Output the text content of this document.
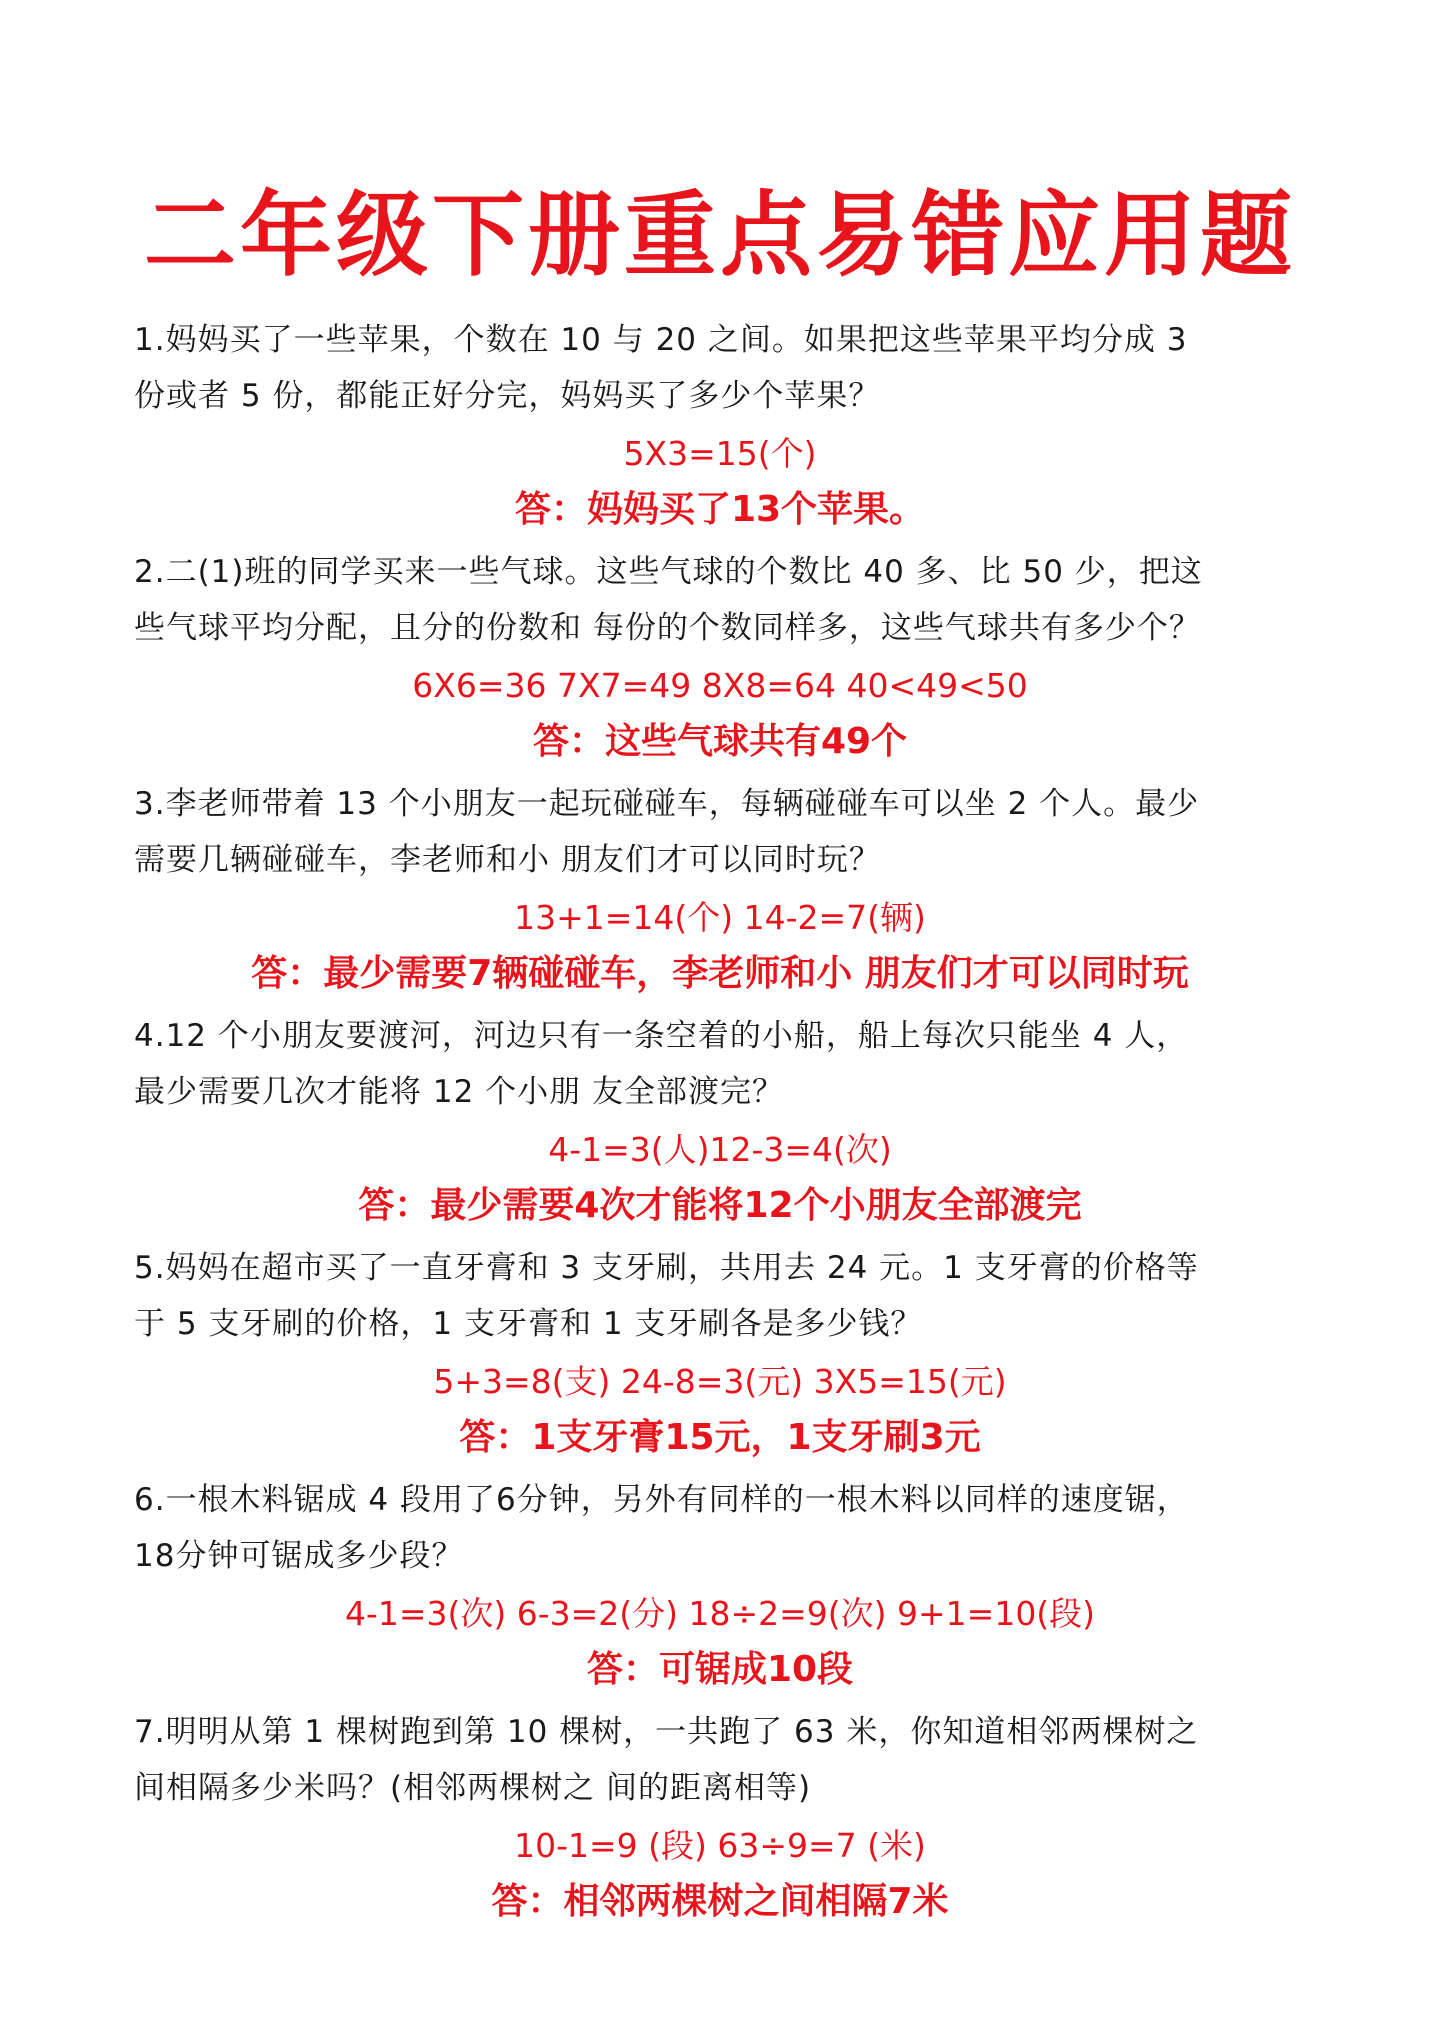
二年级下册重点易错应用题
1.妈妈买了一些苹果，个数在 10 与 20 之间。如果把这些苹果平均分成 3
份或者 5 份，都能正好分完，妈妈买了多少个苹果？
5X3=15(个)
答：妈妈买了13个苹果。
2.二(1)班的同学买来一些气球。这些气球的个数比 40 多、比 50 少，把这
些气球平均分配，且分的份数和 每份的个数同样多，这些气球共有多少个？
6X6=36 7X7=49 8X8=64 40<49<50
答：这些气球共有49个
3.李老师带着 13 个小朋友一起玩碰碰车，每辆碰碰车可以坐 2 个人。最少
需要几辆碰碰车，李老师和小 朋友们才可以同时玩？
13+1=14(个) 14-2=7(辆)
答：最少需要7辆碰碰车，李老师和小 朋友们才可以同时玩
4.12 个小朋友要渡河，河边只有一条空着的小船，船上每次只能坐 4 人，
最少需要几次才能将 12 个小朋 友全部渡完？
4-1=3(人)12-3=4(次)
答：最少需要4次才能将12个小朋友全部渡完
5.妈妈在超市买了一直牙膏和 3 支牙刷，共用去 24 元。1 支牙膏的价格等
于 5 支牙刷的价格，1 支牙膏和 1 支牙刷各是多少钱？
5+3=8(支) 24-8=3(元) 3X5=15(元)
答：1支牙膏15元，1支牙刷3元
6.一根木料锯成 4 段用了6分钟，另外有同样的一根木料以同样的速度锯，
18分钟可锯成多少段？
4-1=3(次) 6-3=2(分) 18÷2=9(次) 9+1=10(段)
答：可锯成10段
7.明明从第 1 棵树跑到第 10 棵树，一共跑了 63 米，你知道相邻两棵树之
间相隔多少米吗？(相邻两棵树之 间的距离相等)
10-1=9 (段) 63÷9=7 (米)
答：相邻两棵树之间相隔7米
